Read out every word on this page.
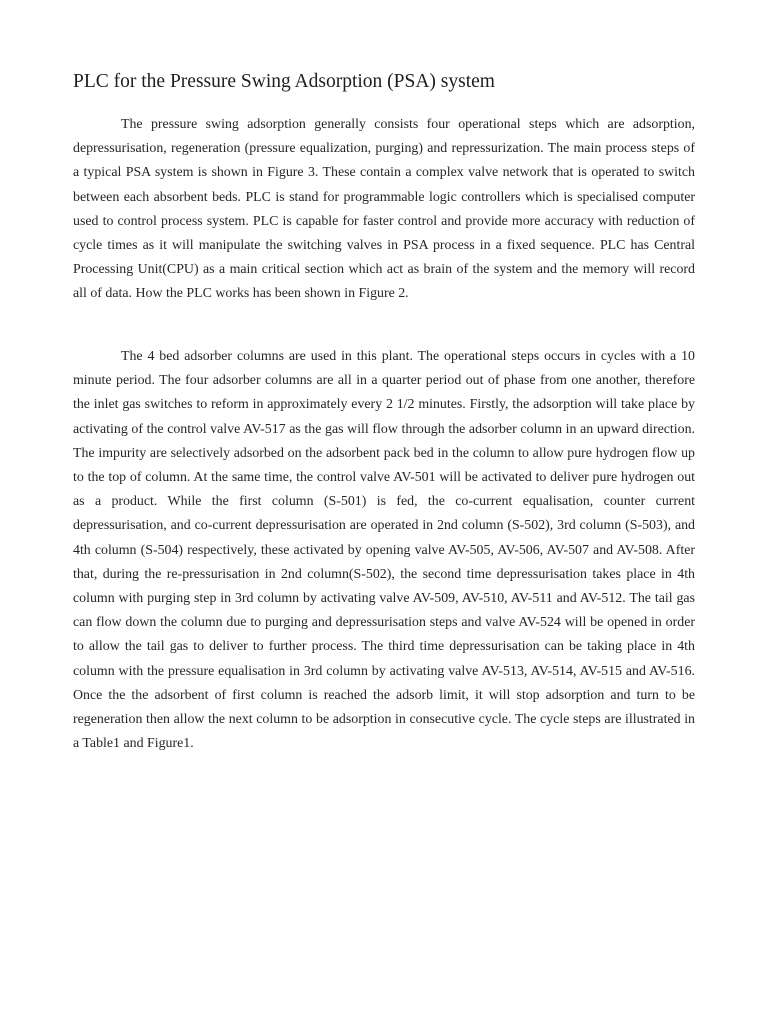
PLC for the Pressure Swing Adsorption (PSA) system

The pressure swing adsorption generally consists four operational steps which are adsorption, depressurisation, regeneration (pressure equalization, purging) and repressurization. The main process steps of a typical PSA system is shown in Figure 3. These contain a complex valve network that is operated to switch between each absorbent beds. PLC is stand for programmable logic controllers which is specialised computer used to control process system. PLC is capable for faster control and provide more accuracy with reduction of cycle times as it will manipulate the switching valves in PSA process in a fixed sequence. PLC has Central Processing Unit(CPU) as a main critical section which act as brain of the system and the memory will record all of data. How the PLC works has been shown in Figure 2.

The 4 bed adsorber columns are used in this plant. The operational steps occurs in cycles with a 10 minute period. The four adsorber columns are all in a quarter period out of phase from one another, therefore the inlet gas switches to reform in approximately every 2 1/2 minutes. Firstly, the adsorption will take place by activating of the control valve AV-517 as the gas will flow through the adsorber column in an upward direction. The impurity are selectively adsorbed on the adsorbent pack bed in the column to allow pure hydrogen flow up to the top of column. At the same time, the control valve AV-501 will be activated to deliver pure hydrogen out as a product. While the first column (S-501) is fed, the co-current equalisation, counter current depressurisation, and co-current depressurisation are operated in 2nd column (S-502), 3rd column (S-503), and 4th column (S-504) respectively, these activated by opening valve AV-505, AV-506, AV-507 and AV-508. After that, during the re-pressurisation in 2nd column(S-502), the second time depressurisation takes place in 4th column with purging step in 3rd column by activating valve AV-509, AV-510, AV-511 and AV-512. The tail gas can flow down the column due to purging and depressurisation steps and valve AV-524 will be opened in order to allow the tail gas to deliver to further process. The third time depressurisation can be taking place in 4th column with the pressure equalisation in 3rd column by activating valve AV-513, AV-514, AV-515 and AV-516. Once the the adsorbent of first column is reached the adsorb limit, it will stop adsorption and turn to be regeneration then allow the next column to be adsorption in consecutive cycle. The cycle steps are illustrated in a Table1 and Figure1.
